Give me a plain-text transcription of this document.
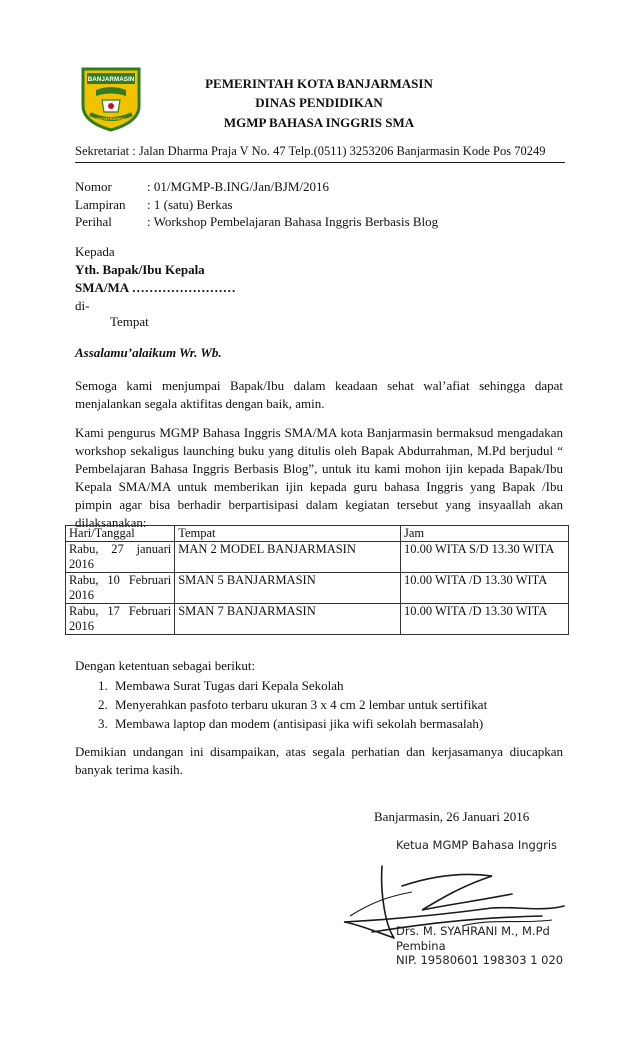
BANJARMASIN
KAYUH BAIMBAI
PEMERINTAH KOTA BANJARMASIN
DINAS PENDIDIKAN
MGMP BAHASA INGGRIS SMA
Sekretariat : Jalan Dharma Praja V No. 47 Telp.(0511) 3253206 Banjarmasin Kode Pos 70249
Nomor	: 01/MGMP-B.ING/Jan/BJM/2016
Lampiran : 1 (satu) Berkas
Perihal	: Workshop Pembelajaran Bahasa Inggris Berbasis Blog
Kepada
Yth. Bapak/Ibu Kepala
SMA/MA ……………………
di-
Tempat
Assalamu’alaikum Wr. Wb.
Semoga kami menjumpai Bapak/Ibu dalam keadaan sehat wal’afiat sehingga dapat menjalankan segala aktifitas dengan baik, amin.
Kami pengurus MGMP Bahasa Inggris SMA/MA kota Banjarmasin bermaksud mengadakan workshop sekaligus launching buku yang ditulis oleh Bapak Abdurrahman, M.Pd berjudul “ Pembelajaran Bahasa Inggris Berbasis Blog”, untuk itu kami mohon ijin kepada Bapak/Ibu Kepala SMA/MA untuk memberikan ijin kepada guru bahasa Inggris yang Bapak /Ibu pimpin agar bisa berhadir berpartisipasi dalam kegiatan tersebut yang insyaallah akan dilaksanakan:
Hari/Tanggal	Tempat	Jam
Rabu, 27 januari 2016	MAN 2 MODEL BANJARMASIN	10.00 WITA S/D 13.30 WITA
Rabu, 10 Februari 2016	SMAN 5 BANJARMASIN	10.00 WITA /D 13.30 WITA
Rabu, 17 Februari 2016	SMAN 7 BANJARMASIN	10.00 WITA /D 13.30 WITA
Dengan ketentuan sebagai berikut:
1. Membawa Surat Tugas dari Kepala Sekolah
2. Menyerahkan pasfoto terbaru ukuran 3 x 4 cm 2 lembar untuk sertifikat
3. Membawa laptop dan modem (antisipasi jika wifi sekolah bermasalah)
Demikian undangan ini disampaikan, atas segala perhatian dan kerjasamanya diucapkan banyak terima kasih.
Banjarmasin, 26 Januari 2016
Ketua MGMP Bahasa Inggris
Drs. M. SYAHRANI M., M.Pd
Pembina
NIP. 19580601 198303 1 020
